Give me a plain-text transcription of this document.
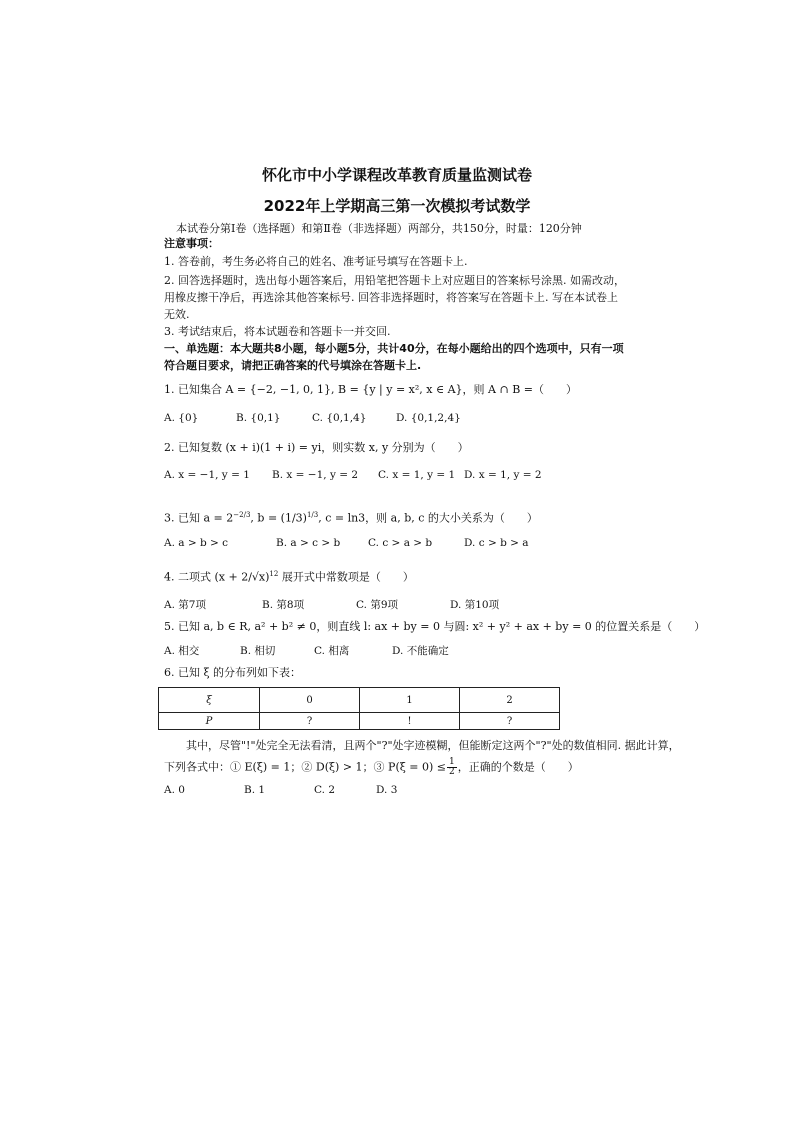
怀化市中小学课程改革教育质量监测试卷
2022年上学期高三第一次模拟考试数学
本试卷分第Ⅰ卷（选择题）和第Ⅱ卷（非选择题）两部分，共150分，时量：120分钟
注意事项：
1. 答卷前，考生务必将自己的姓名、准考证号填写在答题卡上.
2. 回答选择题时，选出每小题答案后，用铅笔把答题卡上对应题目的答案标号涂黑. 如需改动，
用橡皮擦干净后，再选涂其他答案标号. 回答非选择题时，将答案写在答题卡上. 写在本试卷上
无效.
3. 考试结束后，将本试题卷和答题卡一并交回.
一、单选题：本大题共8小题，每小题5分，共计40分，在每小题给出的四个选项中，只有一项
符合题目要求，请把正确答案的代号填涂在答题卡上.
1. 已知集合 A = {−2, −1, 0, 1}, B = {y | y = x², x ∈ A}，则 A ∩ B =（　　）
A. {0}	B. {0,1}	C. {0,1,4}	D. {0,1,2,4}
2. 已知复数 (x + i)(1 + i) = yi，则实数 x, y 分别为（　　）
A. x = −1, y = 1 B. x = −1, y = 2 C. x = 1, y = 1 D. x = 1, y = 2
3. 已知 $a = 2^{-2/3}$, $b = (1/3)^{1/3}$, c = ln3，则 a, b, c 的大小关系为（　　）
A. a > b > c	B. a > c > b	C. c > a > b	D. c > b > a
4. 二项式 $(x + 2/√x)^{12}$ 展开式中常数项是（　　）
A. 第7项	B. 第8项	C. 第9项	D. 第10项
5. 已知 a, b ∈ R, a² + b² ≠ 0，则直线 l: ax + by = 0 与圆: x² + y² + ax + by = 0 的位置关系是（　　）
A. 相交	B. 相切	C. 相离	D. 不能确定
6. 已知 ξ 的分布列如下表：
ξ	0	1	2
P	?	!	?
其中，尽管"!"处完全无法看清，且两个"?"处字迹模糊，但能断定这两个"?"处的数值相同. 据此计算，
下列各式中：① E(ξ) = 1；② D(ξ) > 1；③ $P(\xi = 0) \le \frac{1}{2}$ ，正确的个数是（　　）
A. 0	B. 1	C. 2	D. 3
